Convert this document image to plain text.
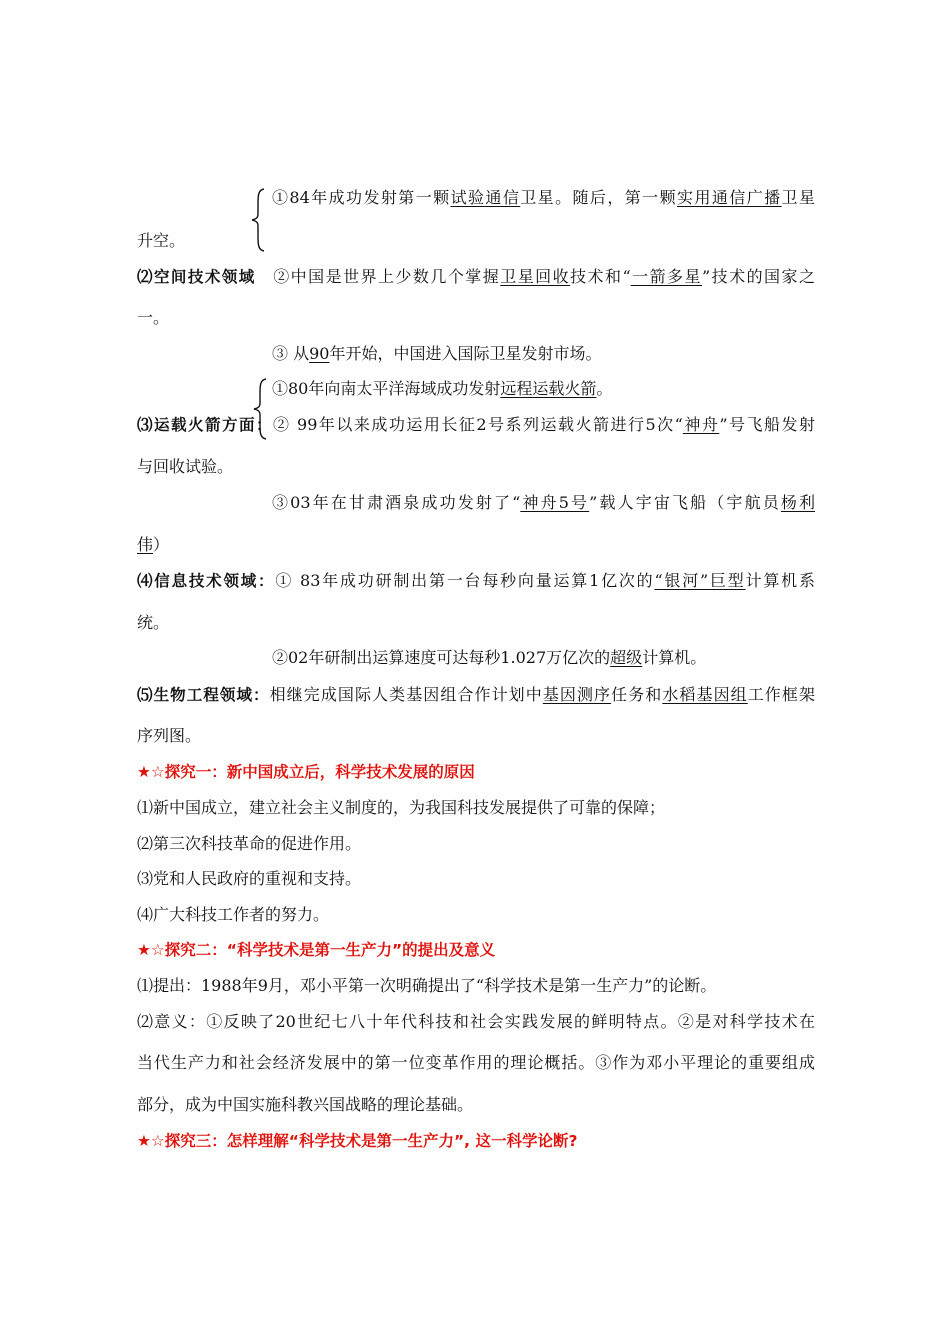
①84年成功发射第一颗试验通信卫星。随后，第一颗实用通信广播卫星
升空。
⑵空间技术领域　②中国是世界上少数几个掌握卫星回收技术和“一箭多星”技术的国家之
一。
③ 从90年开始，中国进入国际卫星发射市场。
①80年向南太平洋海域成功发射远程运载火箭。
⑶运载火箭方面：② 99年以来成功运用长征2号系列运载火箭进行5次“神舟”号飞船发射
与回收试验。
③03年在甘肃酒泉成功发射了“神舟5号”载人宇宙飞船（宇航员杨利
伟）
⑷信息技术领域：① 83年成功研制出第一台每秒向量运算1亿次的“银河”巨型计算机系
统。
②02年研制出运算速度可达每秒1.027万亿次的超级计算机。
⑸生物工程领域：相继完成国际人类基因组合作计划中基因测序任务和水稻基因组工作框架
序列图。
★☆探究一：新中国成立后，科学技术发展的原因
⑴新中国成立，建立社会主义制度的，为我国科技发展提供了可靠的保障；
⑵第三次科技革命的促进作用。
⑶党和人民政府的重视和支持。
⑷广大科技工作者的努力。
★☆探究二：“科学技术是第一生产力”的提出及意义
⑴提出：1988年9月，邓小平第一次明确提出了“科学技术是第一生产力”的论断。
⑵意义：①反映了20世纪七八十年代科技和社会实践发展的鲜明特点。②是对科学技术在
当代生产力和社会经济发展中的第一位变革作用的理论概括。③作为邓小平理论的重要组成
部分，成为中国实施科教兴国战略的理论基础。
★☆探究三：怎样理解“科学技术是第一生产力”, 这一科学论断?
